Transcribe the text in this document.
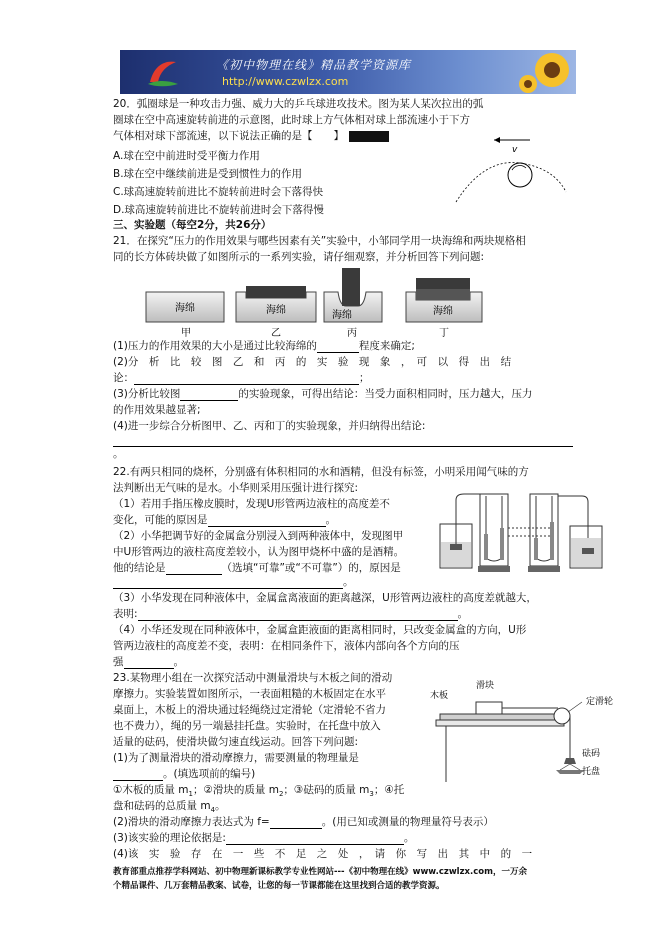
《初中物理在线》精品教学资源库
http://www.czwlzx.com
20．弧圈球是一种攻击力强、威力大的乒乓球进攻技术。图为某人某次拉出的弧
圈球在空中高速旋转前进的示意图，此时球上方气体相对球上部流速小于下方
气体相对球下部流速，以下说法正确的是【　　】
A.球在空中前进时受平衡力作用
B.球在空中继续前进是受到惯性力的作用
C.球高速旋转前进比不旋转前进时会下落得快
D.球高速旋转前进比不旋转前进时会下落得慢
v
三、实验题（每空2分，共26分）
21．在探究“压力的作用效果与哪些因素有关”实验中，小邹同学用一块海绵和两块规格相
同的长方体砖块做了如图所示的一系列实验，请仔细观察，并分析回答下列问题:
海绵
甲
海绵
乙
海绵
丙
海绵
丁
(1)压力的作用效果的大小是通过比较海绵的	程度来确定;
(2)分　析　比　较　图　乙　和　丙　的　实　验　现　象　，　可　以　得　出　结
论：	；
(3)分析比较图	的实验现象，可得出结论：当受力面积相同时，压力越大，压力
的作用效果越显著;
(4)进一步综合分析图甲、乙、丙和丁的实验现象，并归纳得出结论:
。
22.有两只相同的烧杯，分别盛有体积相同的水和酒精，但没有标签，小明采用闻气味的方
法判断出无气味的是水。小华则采用压强计进行探究:
（1）若用手指压橡皮膜时，发现U形管两边液柱的高度差不
变化，可能的原因是	。
（2）小华把调节好的金属盒分别浸入到两种液体中，发现图甲
中U形管两边的液柱高度差较小，认为图甲烧杯中盛的是酒精。
他的结论是	（选填“可靠”或“不可靠”）的，原因是
。
（3）小华发现在同种液体中，金属盒离液面的距离越深，U形管两边液柱的高度差就越大，
表明:	。
（4）小华还发现在同种液体中，金属盒距液面的距离相同时，只改变金属盒的方向，U形
管两边液柱的高度差不变，表明：在相同条件下，液体内部向各个方向的压
强	。
23.某物理小组在一次探究活动中测量滑块与木板之间的滑动
摩擦力。实验装置如图所示，一表面粗糙的木板固定在水平
桌面上，木板上的滑块通过轻绳绕过定滑轮（定滑轮不省力
也不费力），绳的另一端悬挂托盘。实验时，在托盘中放入
适量的砝码，使滑块做匀速直线运动。回答下列问题:
(1)为了测量滑块的滑动摩擦力，需要测量的物理量是
。(填选项前的编号)
①木板的质量 $m_1$；②滑块的质量 $m_2$；③砝码的质量 $m_3$；④托
盘和砝码的总质量 $m_4$。
(2)滑块的滑动摩擦力表达式为 f=	。(用已知或测量的物理量符号表示）
(3)该实验的理论依据是:	。
(4)该　实　验　存　在　一　些　不　足　之　处　，　请　你　写　出　其　中　的　一
滑块
木板
定滑轮
砝码
托盘
教育部重点推荐学科网站、初中物理新课标教学专业性网站---《初中物理在线》www.czwlzx.com，一万余
个精品课件、几万套精品教案、试卷，让您的每一节课都能在这里找到合适的教学资源。
